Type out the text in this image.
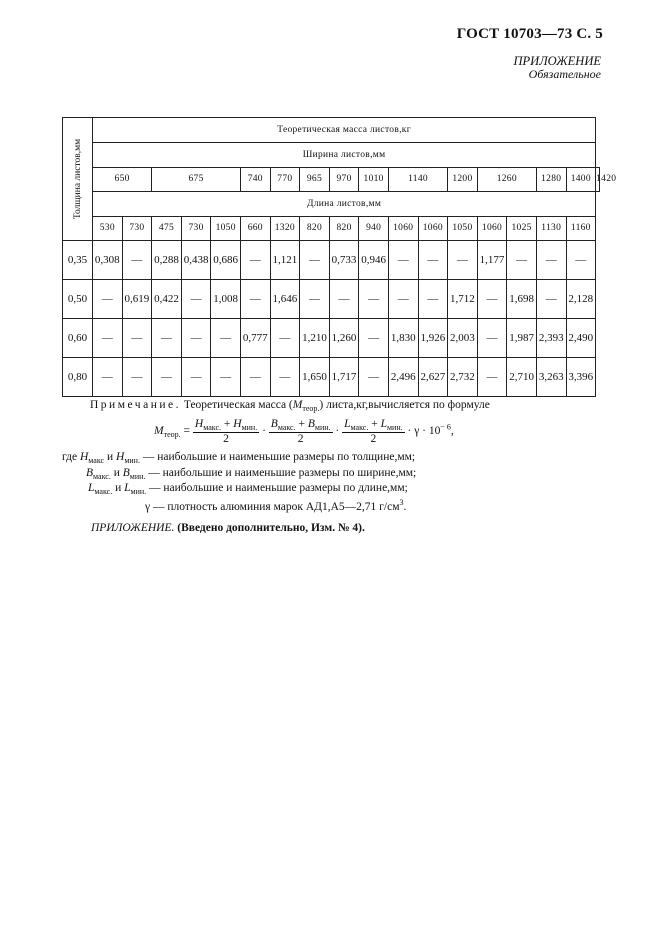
ГОСТ 10703—73 С. 5
ПРИЛОЖЕНИЕ
Обязательное
Толщина листов,мм	Теоретическая масса листов,кг																	
	Ширина листов,мм																	
	650		675			740	770	965	970	1010	1140		1200	1260		1280	1400	1420
	Длина листов,мм																	
	530	730	475	730	1050	660	1320	820	820	940	1060	1060	1050	1060	1025	1130	1160	
0,35	0,308	—	0,288	0,438	0,686	—	1,121	—	0,733	0,946	—	—	—	1,177	—	—	—	
0,50	—	0,619	0,422	—	1,008	—	1,646	—	—	—	—	—	1,712	—	1,698	—	2,128	
0,60	—	—	—	—	—	0,777	—	1,210	1,260	—	1,830	1,926	2,003	—	1,987	2,393	2,490	
0,80	—	—	—	—	—	—	—	1,650	1,717	—	2,496	2,627	2,732	—	2,710	3,263	3,396	
Примечание. Теоретическая масса $(M_{теор.})$ листа,кг,вычисляется по формуле
$M_{теор.} = \frac{H_{макс.} + H_{мин.}}{2} \cdot \frac{B_{макс.} + B_{мин.}}{2} \cdot \frac{L_{макс.} + L_{мин.}}{2} \cdot \gamma \cdot 10^{- 6}$,
где $H_{макс}$ и $H_{мин.}$ — наибольшие и наименьшие размеры по толщине,мм;
$B_{макс.}$ и $B_{мин.}$ — наибольшие и наименьшие размеры по ширине,мм;
$L_{макс.}$ и $L_{мин.}$ — наибольшие и наименьшие размеры по длине,мм;
γ — плотность алюминия марок АД1,А5—2,71 $г/см^3$.
ПРИЛОЖЕНИЕ. (Введено дополнительно, Изм. № 4).
